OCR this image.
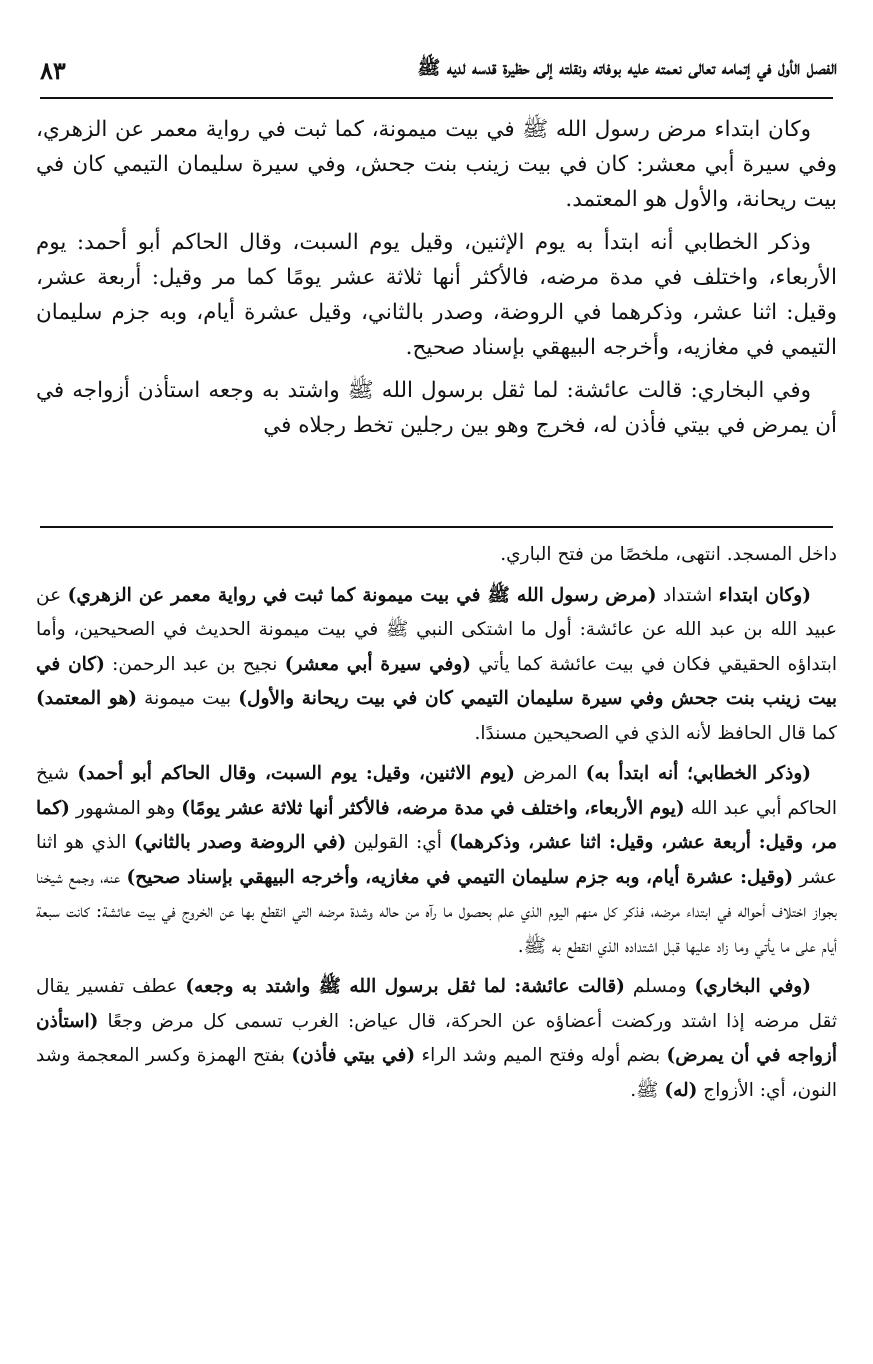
الفصل الأول في إتمامه تعالى نعمته عليه بوفاته ونقلته إلى حظيرة قدسه لديه ﷺ
٨٣

وكان ابتداء مرض رسول الله ﷺ في بيت ميمونة، كما ثبت في رواية معمر عن الزهري، وفي سيرة أبي معشر: كان في بيت زينب بنت جحش، وفي سيرة سليمان التيمي كان في بيت ريحانة، والأول هو المعتمد.

وذكر الخطابي أنه ابتدأ به يوم الإثنين، وقيل يوم السبت، وقال الحاكم أبو أحمد: يوم الأربعاء، واختلف في مدة مرضه، فالأكثر أنها ثلاثة عشر يومًا كما مر وقيل: أربعة عشر، وقيل: اثنا عشر، وذكرهما في الروضة، وصدر بالثاني، وقيل عشرة أيام، وبه جزم سليمان التيمي في مغازيه، وأخرجه البيهقي بإسناد صحيح.

وفي البخاري: قالت عائشة: لما ثقل برسول الله ﷺ واشتد به وجعه استأذن أزواجه في أن يمرض في بيتي فأذن له، فخرج وهو بين رجلين تخط رجلاه في

داخل المسجد. انتهى، ملخصًا من فتح الباري.

(وكان ابتداء اشتداد (مرض رسول الله ﷺ في بيت ميمونة كما ثبت في رواية معمر عن الزهري) عن عبيد الله بن عبد الله عن عائشة: أول ما اشتكى النبي ﷺ في بيت ميمونة الحديث في الصحيحين، وأما ابتداؤه الحقيقي فكان في بيت عائشة كما يأتي (وفي سيرة أبي معشر) نجيح بن عبد الرحمن: (كان في بيت زينب بنت جحش وفي سيرة سليمان التيمي كان في بيت ريحانة والأول) بيت ميمونة (هو المعتمد) كما قال الحافظ لأنه الذي في الصحيحين مسندًا.

(وذكر الخطابي؛ أنه ابتدأ به) المرض (يوم الاثنين، وقيل: يوم السبت، وقال الحاكم أبو أحمد) شيخ الحاكم أبي عبد الله (يوم الأربعاء، واختلف في مدة مرضه، فالأكثر أنها ثلاثة عشر يومًا) وهو المشهور (كما مر، وقيل: أربعة عشر، وقيل: اثنا عشر، وذكرهما) أي: القولين (في الروضة وصدر بالثاني) الذي هو اثنا عشر (وقيل: عشرة أيام، وبه جزم سليمان التيمي في مغازيه، وأخرجه البيهقي بإسناد صحيح) عنه، وجمع شيخنا بجواز اختلاف أحواله في ابتداء مرضه، فذكر كل منهم اليوم الذي علم بحصول ما رآه من حاله وشدة مرضه التي انقطع بها عن الخروج في بيت عائشة: كانت سبعة أيام على ما يأتي وما زاد عليها قبل اشتداده الذي انقطع به ﷺ.

(وفي البخاري) ومسلم (قالت عائشة: لما ثقل برسول الله ﷺ واشتد به وجعه) عطف تفسير يقال ثقل مرضه إذا اشتد وركضت أعضاؤه عن الحركة، قال عياض: الغرب تسمى كل مرض وجعًا (استأذن أزواجه في أن يمرض) بضم أوله وفتح الميم وشد الراء (في بيتي فأذن) بفتح الهمزة وكسر المعجمة وشد النون، أي: الأزواج (له) ﷺ.
